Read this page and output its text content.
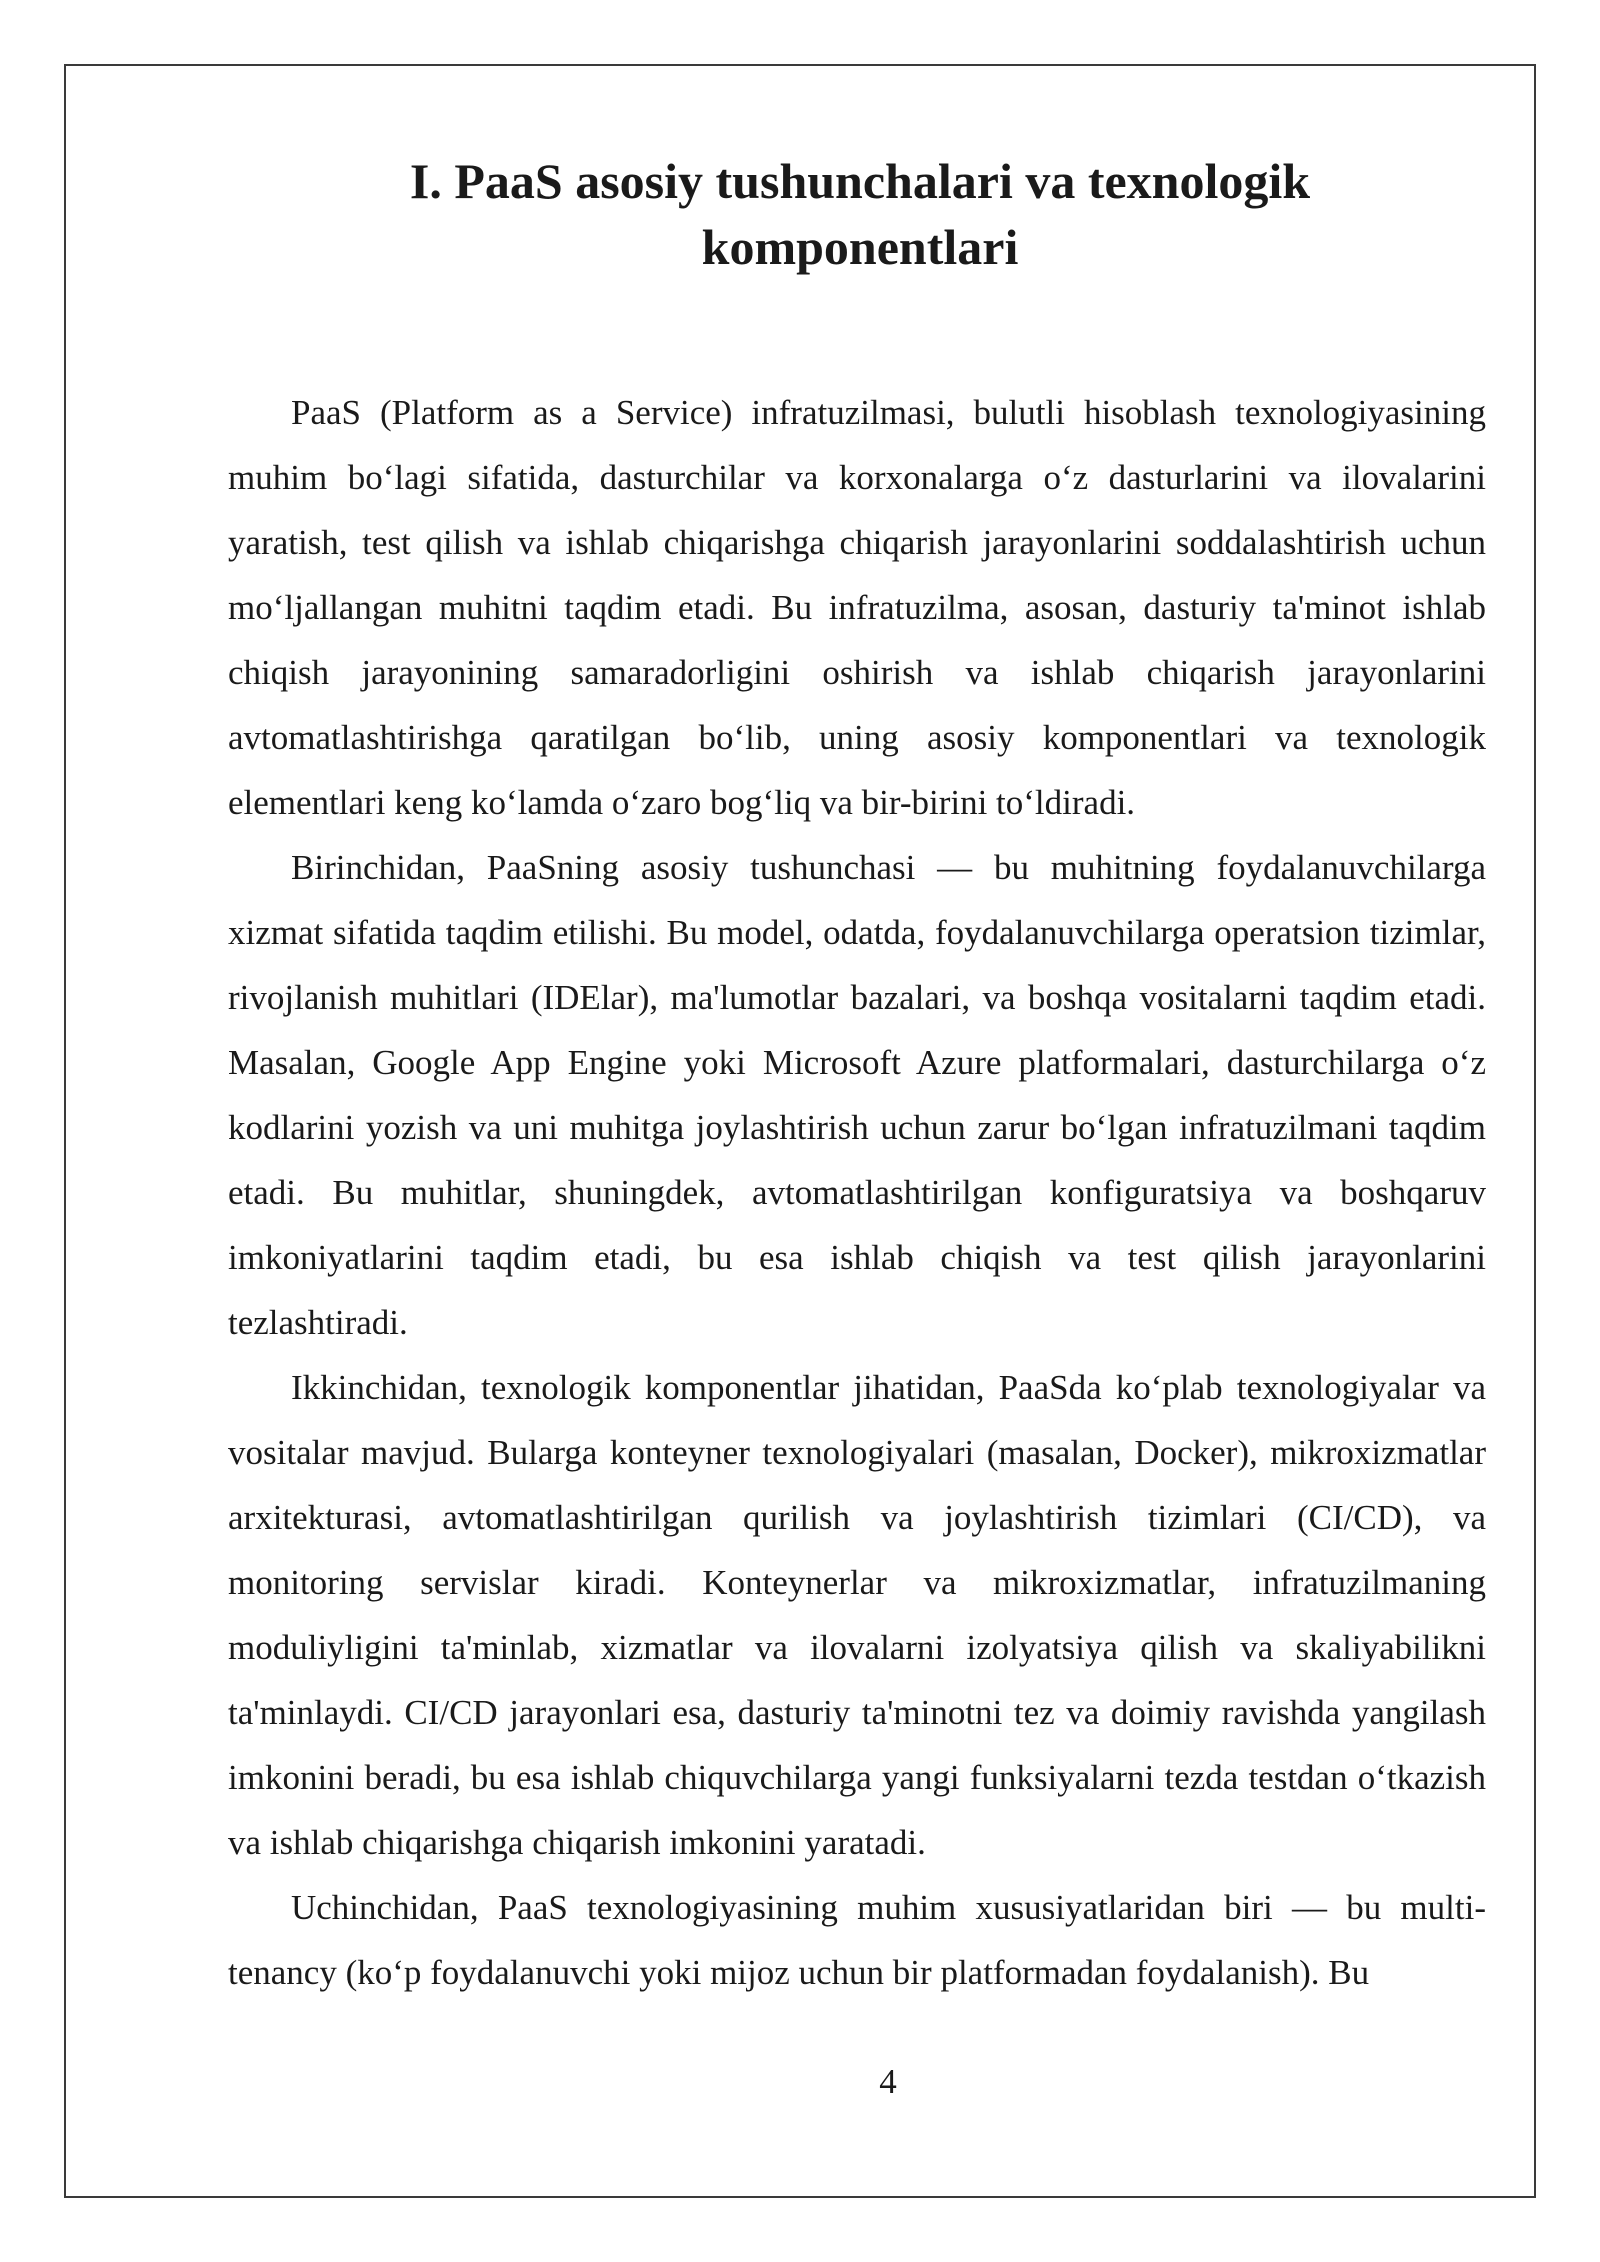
I. PaaS asosiy tushunchalari va texnologik
komponentlari

PaaS (Platform as a Service) infratuzilmasi, bulutli hisoblash texnologiyasining muhim bo‘lagi sifatida, dasturchilar va korxonalarga o‘z dasturlarini va ilovalarini yaratish, test qilish va ishlab chiqarishga chiqarish jarayonlarini soddalashtirish uchun mo‘ljallangan muhitni taqdim etadi. Bu infratuzilma, asosan, dasturiy ta'minot ishlab chiqish jarayonining samaradorligini oshirish va ishlab chiqarish jarayonlarini avtomatlashtirishga qaratilgan bo‘lib, uning asosiy komponentlari va texnologik elementlari keng ko‘lamda o‘zaro bog‘liq va bir-birini to‘ldiradi.

Birinchidan, PaaSning asosiy tushunchasi — bu muhitning foydalanuvchilarga xizmat sifatida taqdim etilishi. Bu model, odatda, foydalanuvchilarga operatsion tizimlar, rivojlanish muhitlari (IDElar), ma'lumotlar bazalari, va boshqa vositalarni taqdim etadi. Masalan, Google App Engine yoki Microsoft Azure platformalari, dasturchilarga o‘z kodlarini yozish va uni muhitga joylashtirish uchun zarur bo‘lgan infratuzilmani taqdim etadi. Bu muhitlar, shuningdek, avtomatlashtirilgan konfiguratsiya va boshqaruv imkoniyatlarini taqdim etadi, bu esa ishlab chiqish va test qilish jarayonlarini tezlashtiradi.

Ikkinchidan, texnologik komponentlar jihatidan, PaaSda ko‘plab texnologiyalar va vositalar mavjud. Bularga konteyner texnologiyalari (masalan, Docker), mikroxizmatlar arxitekturasi, avtomatlashtirilgan qurilish va joylashtirish tizimlari (CI/CD), va monitoring servislar kiradi. Konteynerlar va mikroxizmatlar, infratuzilmaning moduliyligini ta'minlab, xizmatlar va ilovalarni izolyatsiya qilish va skaliyabilikni ta'minlaydi. CI/CD jarayonlari esa, dasturiy ta'minotni tez va doimiy ravishda yangilash imkonini beradi, bu esa ishlab chiquvchilarga yangi funksiyalarni tezda testdan o‘tkazish va ishlab chiqarishga chiqarish imkonini yaratadi.

Uchinchidan, PaaS texnologiyasining muhim xususiyatlaridan biri — bu multi-tenancy (ko‘p foydalanuvchi yoki mijoz uchun bir platformadan foydalanish). Bu

4
